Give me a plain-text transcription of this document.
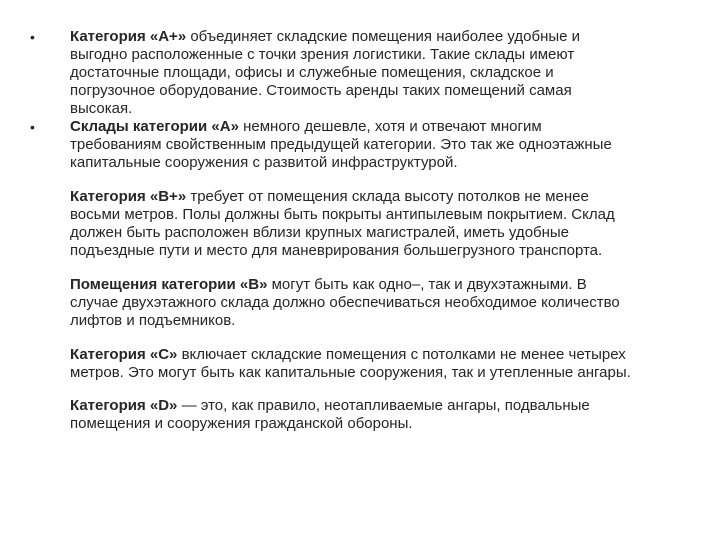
•
•

Категория «А+» объединяет складские помещения наиболее удобные и
выгодно расположенные с точки зрения логистики. Такие склады имеют
достаточные площади, офисы и служебные помещения, складское и
погрузочное оборудование. Стоимость аренды таких помещений самая
высокая.

Склады категории «А» немного дешевле, хотя и отвечают многим
требованиям свойственным предыдущей категории. Это так же одноэтажные
капитальные сооружения с развитой инфраструктурой.

Категория «В+» требует от помещения склада высоту потолков не менее
восьми метров. Полы должны быть покрыты антипылевым покрытием. Склад
должен быть расположен вблизи крупных магистралей, иметь удобные
подъездные пути и место для маневрирования большегрузного транспорта.

Помещения категории «В» могут быть как одно–, так и двухэтажными. В
случае двухэтажного склада должно обеспечиваться необходимое количество
лифтов и подъемников.

Категория «С» включает складские помещения с потолками не менее четырех
метров. Это могут быть как капитальные сооружения, так и утепленные ангары.

Категория «D» — это, как правило, неотапливаемые ангары, подвальные
помещения и сооружения гражданской обороны.
